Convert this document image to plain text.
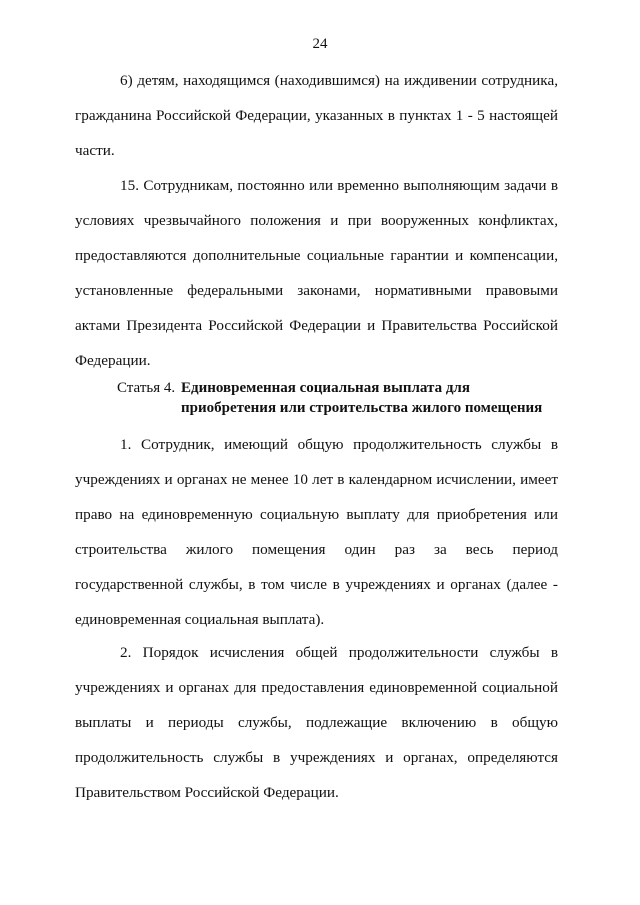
24

6) детям, находящимся (находившимся) на иждивении сотрудника, гражданина Российской Федерации, указанных в пунктах 1 - 5 настоящей части.

15. Сотрудникам, постоянно или временно выполняющим задачи в условиях чрезвычайного положения и при вооруженных конфликтах, предоставляются дополнительные социальные гарантии и компенсации, установленные федеральными законами, нормативными правовыми актами Президента Российской Федерации и Правительства Российской Федерации.

Статья 4. Единовременная социальная выплата для
приобретения или строительства жилого помещения

1. Сотрудник, имеющий общую продолжительность службы в учреждениях и органах не менее 10 лет в календарном исчислении, имеет право на единовременную социальную выплату для приобретения или строительства жилого помещения один раз за весь период государственной службы, в том числе в учреждениях и органах (далее - единовременная социальная выплата).

2. Порядок исчисления общей продолжительности службы в учреждениях и органах для предоставления единовременной социальной выплаты и периоды службы, подлежащие включению в общую продолжительность службы в учреждениях и органах, определяются Правительством Российской Федерации.
